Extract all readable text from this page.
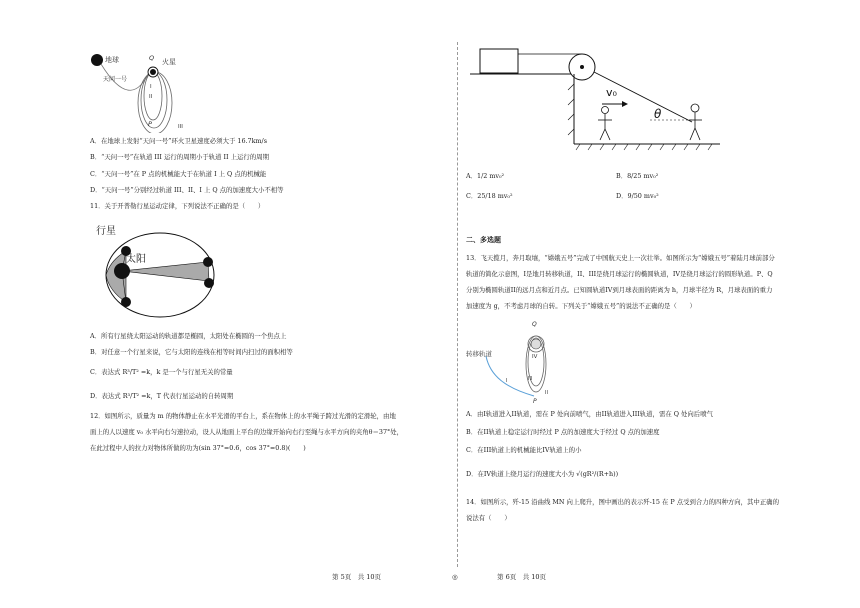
地球	火星
天问一号
Q
P
I
II
III
A．在地球上发射“天问一号”环火卫星速度必须大于 16.7km/s
B．“天问一号”在轨道 III 运行的周期小于轨道 II 上运行的周期
C．“天问一号”在 P 点的机械能大于在轨道 I 上 Q 点的机械能
D．“天问一号”分别经过轨道 III、II、I 上 Q 点的加速度大小不相等
11．关于开普勒行星运动定律，下列说法不正确的是（　　）
行星
太阳
A．所有行星绕太阳运动的轨道都是椭圆，太阳处在椭圆的一个焦点上
B．对任意一个行星来说，它与太阳的连线在相等时间内扫过的面积相等
C．表达式 R³/T² =k，k 是一个与行星无关的常量
D．表达式 R³/T² =k，T 代表行星运动的自转周期
12．如图所示，质量为 m 的物体静止在水平光滑的平台上，系在物体上的水平绳子跨过光滑的定滑轮，由地
面上的人以速度 v₀ 水平向右匀速拉动，设人从地面上平台的边缘开始向右行至绳与水平方向的夹角θ＝37°处，
在此过程中人的拉力对物体所做的功为(sin 37°=0.6，cos 37°=0.8)(　　)
第 5页　共 10页	◎
v₀
θ
A．1/2 mv₀²	B．8/25 mv₀²
C．25/18 mv₀²	D．9/50 mv₀²
二、多选题
13．飞天揽月，奔月取壤，“嫦娥五号”完成了中国航天史上一次壮举。如图所示为“嫦娥五号”着陆月球前部分
轨道的简化示意图，I是地月转移轨道，II、III是绕月球运行的椭圆轨道，IV是绕月球运行的圆形轨道。P、Q
分别为椭圆轨道II的远月点和近月点。已知圆轨道IV到月球表面的距离为 h，月球半径为 R，月球表面的重力
加速度为 g，不考虑月球的自转。下列关于“嫦娥五号”的说法不正确的是（　　）
转移轨道
Q
P
IV
III
II
I
A．由I轨道进入II轨道，需在 P 处向前喷气，由II轨道进入III轨道，需在 Q 处向后喷气
B．在II轨道上稳定运行时经过 P 点的加速度大于经过 Q 点的加速度
C．在III轨道上的机械能比IV轨道上的小
D．在IV轨道上绕月运行的速度大小为 √(gR²/(R+h))
14．如图所示，歼-15 沿曲线 MN 向上爬升，图中画出的表示歼-15 在 P 点受到合力的四种方向，其中正确的
说法有（　　）
第 6页　共 10页
